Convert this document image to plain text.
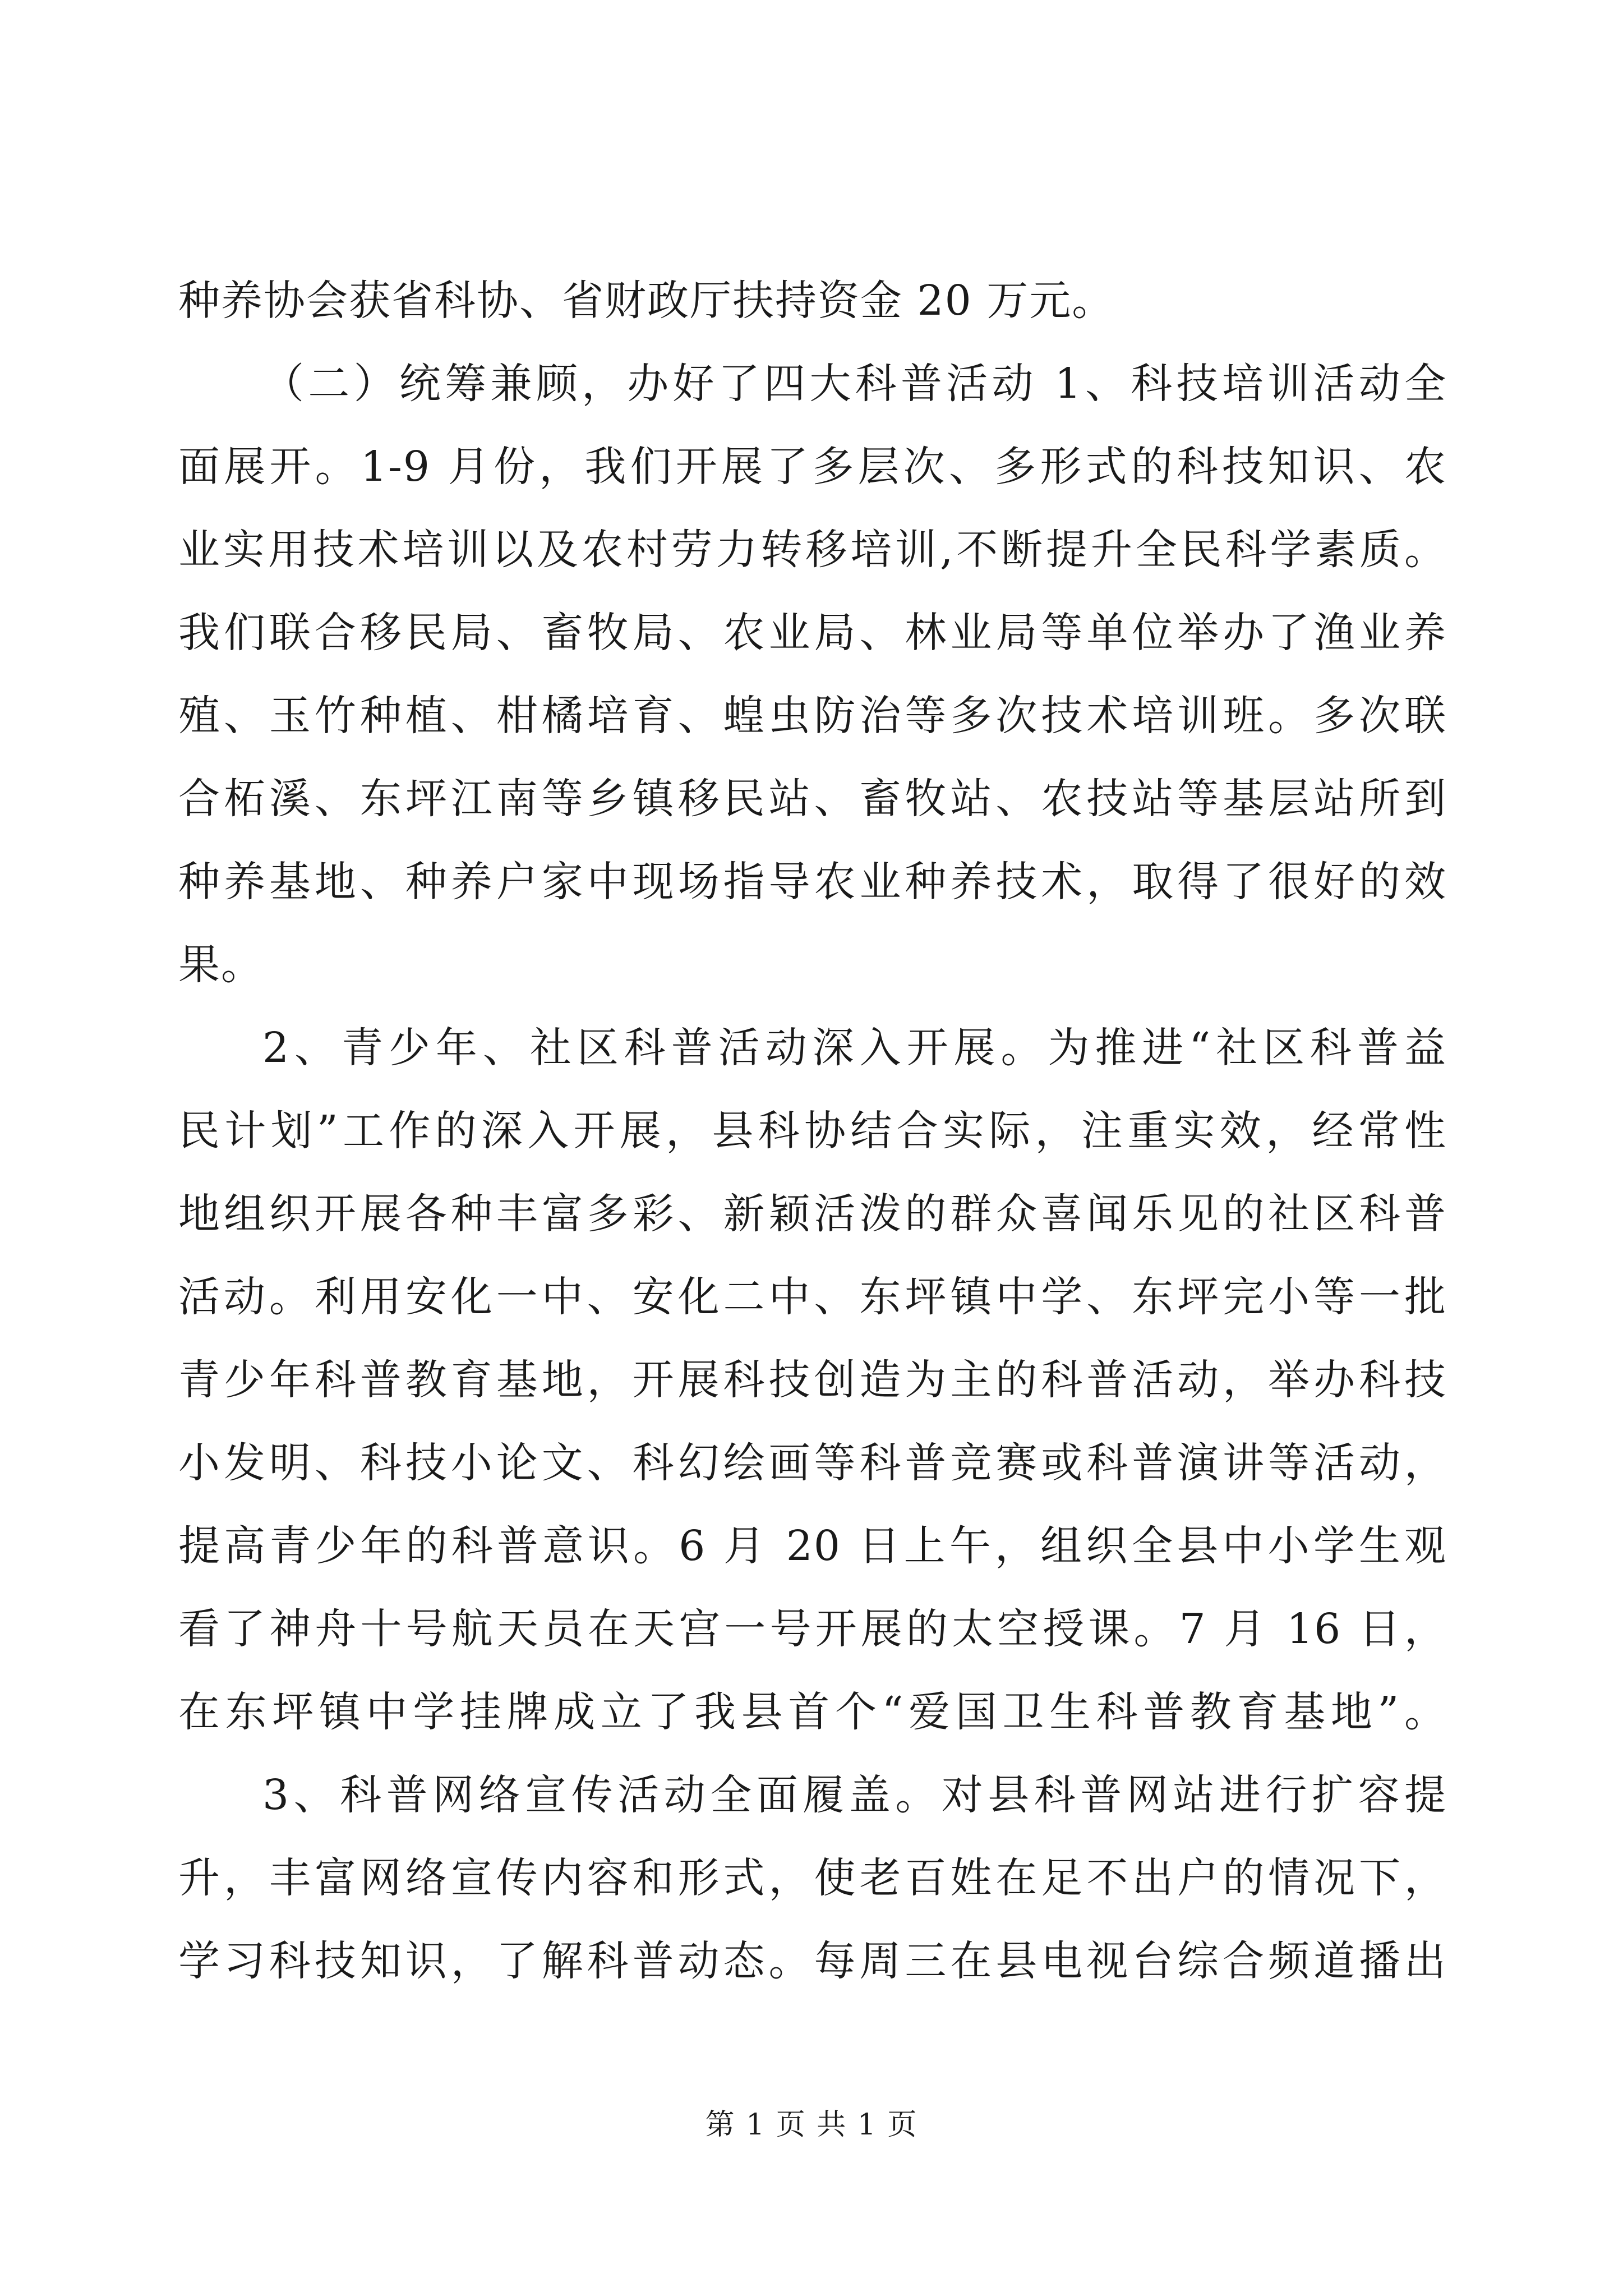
种养协会获省科协、省财政厅扶持资金 20 万元。
（二）统筹兼顾，办好了四大科普活动 1、科技培训活动全
面展开。1-9 月份，我们开展了多层次、多形式的科技知识、农
业实用技术培训以及农村劳力转移培训,不断提升全民科学素质。
我们联合移民局、畜牧局、农业局、林业局等单位举办了渔业养
殖、玉竹种植、柑橘培育、蝗虫防治等多次技术培训班。多次联
合柘溪、东坪江南等乡镇移民站、畜牧站、农技站等基层站所到
种养基地、种养户家中现场指导农业种养技术，取得了很好的效
果。
2、青少年、社区科普活动深入开展。为推进“社区科普益
民计划”工作的深入开展，县科协结合实际，注重实效，经常性
地组织开展各种丰富多彩、新颖活泼的群众喜闻乐见的社区科普
活动。利用安化一中、安化二中、东坪镇中学、东坪完小等一批
青少年科普教育基地，开展科技创造为主的科普活动，举办科技
小发明、科技小论文、科幻绘画等科普竞赛或科普演讲等活动，
提高青少年的科普意识。6 月 20 日上午，组织全县中小学生观
看了神舟十号航天员在天宫一号开展的太空授课。7 月 16 日，
在东坪镇中学挂牌成立了我县首个“爱国卫生科普教育基地”。
3、科普网络宣传活动全面履盖。对县科普网站进行扩容提
升，丰富网络宣传内容和形式，使老百姓在足不出户的情况下，
学习科技知识，了解科普动态。每周三在县电视台综合频道播出
第 1 页 共 1 页
